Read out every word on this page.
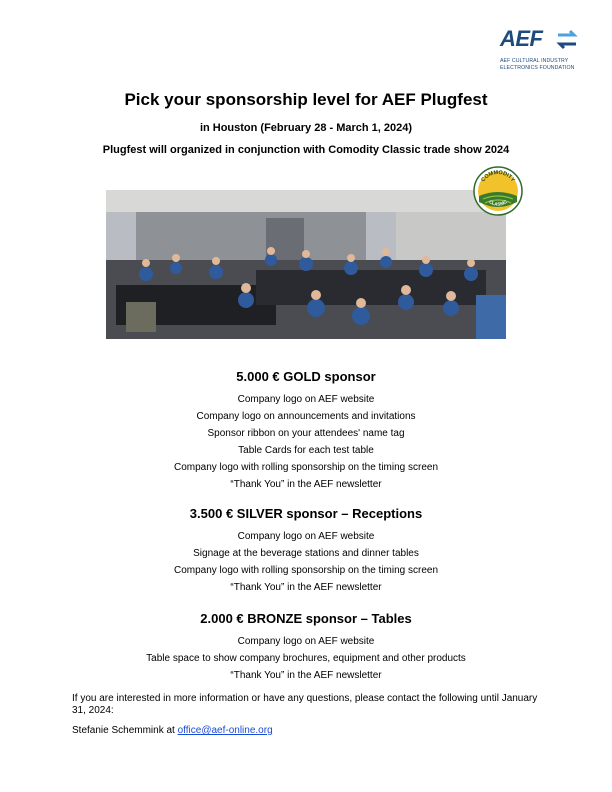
AEF
AEF CULTURAL INDUSTRY
ELECTRONICS FOUNDATION
Pick your sponsorship level for AEF Plugfest
in Houston (February 28 - March 1, 2024)
Plugfest will organized in conjunction with Comodity Classic trade show 2024
COMMODITY
CLASSIC
5.000 € GOLD sponsor
Company logo on AEF website
Company logo on announcements and invitations
Sponsor ribbon on your attendees' name tag
Table Cards for each test table
Company logo with rolling sponsorship on the timing screen
“Thank You” in the AEF newsletter
3.500 € SILVER sponsor – Receptions
Company logo on AEF website
Signage at the beverage stations and dinner tables
Company logo with rolling sponsorship on the timing screen
“Thank You” in the AEF newsletter
2.000 € BRONZE sponsor – Tables
Company logo on AEF website
Table space to show company brochures, equipment and other products
“Thank You” in the AEF newsletter

If you are interested in more information or have any questions, please contact the following until January 31, 2024:

Stefanie Schemmink at office@aef-online.org
